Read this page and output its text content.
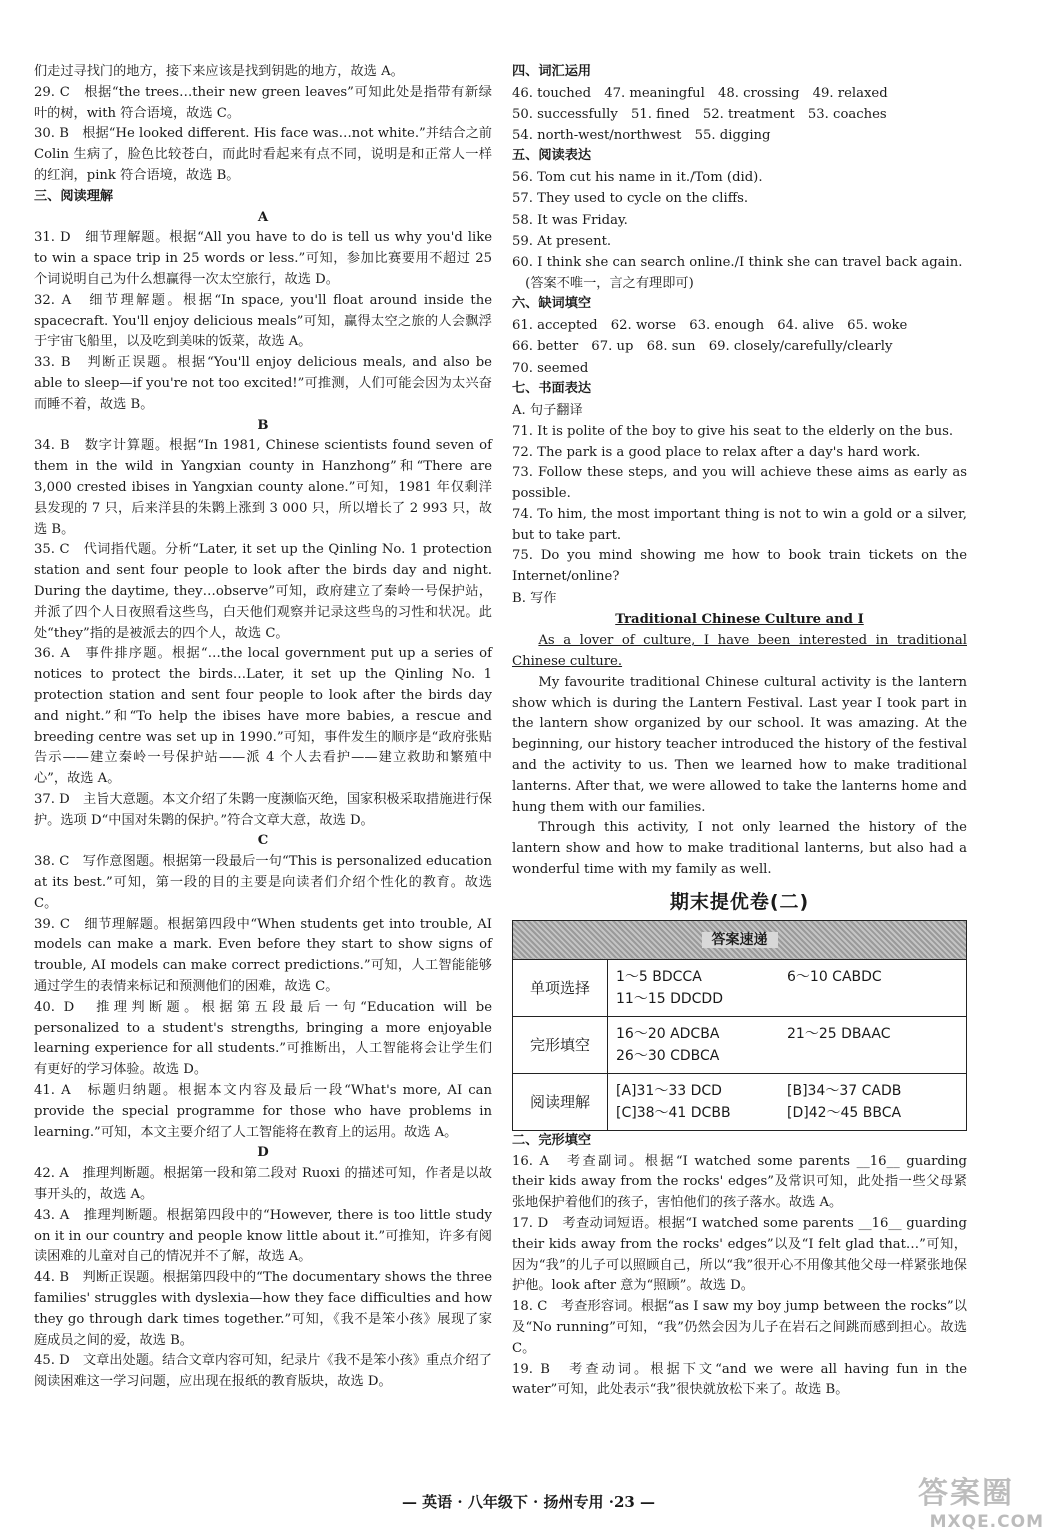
们走过寻找门的地方，接下来应该是找到钥匙的地方，故选 A。

29. C　根据“the trees…their new green leaves”可知此处是指带有新绿叶的树，with 符合语境，故选 C。

30. B　根据“He looked different. His face was…not white.”并结合之前 Colin 生病了，脸色比较苍白，而此时看起来有点不同，说明是和正常人一样的红润，pink 符合语境，故选 B。

三、阅读理解

A

31. D　细节理解题。根据“All you have to do is tell us why you'd like to win a space trip in 25 words or less.”可知，参加比赛要用不超过 25 个词说明自己为什么想赢得一次太空旅行，故选 D。

32. A　细节理解题。根据“In space, you'll float around inside the spacecraft. You'll enjoy delicious meals”可知，赢得太空之旅的人会飘浮于宇宙飞船里，以及吃到美味的饭菜，故选 A。

33. B　判断正误题。根据“You'll enjoy delicious meals, and also be able to sleep—if you're not too excited!”可推测，人们可能会因为太兴奋而睡不着，故选 B。

B

34. B　数字计算题。根据“In 1981, Chinese scientists found seven of them in the wild in Yangxian county in Hanzhong”和“There are 3,000 crested ibises in Yangxian county alone.”可知，1981 年仅剩洋县发现的 7 只，后来洋县的朱鹮上涨到 3 000 只，所以增长了 2 993 只，故选 B。

35. C　代词指代题。分析“Later, it set up the Qinling No. 1 protection station and sent four people to look after the birds day and night. During the daytime, they…observe”可知，政府建立了秦岭一号保护站，并派了四个人日夜照看这些鸟，白天他们观察并记录这些鸟的习性和状况。此处“they”指的是被派去的四个人，故选 C。

36. A　事件排序题。根据“…the local government put up a series of notices to protect the birds…Later, it set up the Qinling No. 1 protection station and sent four people to look after the birds day and night.”和“To help the ibises have more babies, a rescue and breeding centre was set up in 1990.”可知，事件发生的顺序是“政府张贴告示——建立秦岭一号保护站——派 4 个人去看护——建立救助和繁殖中心”，故选 A。

37. D　主旨大意题。本文介绍了朱鹮一度濒临灭绝，国家积极采取措施进行保护。选项 D“中国对朱鹮的保护。”符合文章大意，故选 D。

C

38. C　写作意图题。根据第一段最后一句“This is personalized education at its best.”可知，第一段的目的主要是向读者们介绍个性化的教育。故选 C。

39. C　细节理解题。根据第四段中“When students get into trouble, AI models can make a mark. Even before they start to show signs of trouble, AI models can make correct predictions.”可知，人工智能能够通过学生的表情来标记和预测他们的困难，故选 C。

40. D　推理判断题。根据第五段最后一句“Education will be personalized to a student's strengths, bringing a more enjoyable learning experience for all students.”可推断出，人工智能将会让学生们有更好的学习体验。故选 D。

41. A　标题归纳题。根据本文内容及最后一段“What's more, AI can provide the special programme for those who have problems in learning.”可知，本文主要介绍了人工智能将在教育上的运用。故选 A。

D

42. A　推理判断题。根据第一段和第二段对 Ruoxi 的描述可知，作者是以故事开头的，故选 A。

43. A　推理判断题。根据第四段中的“However, there is too little study on it in our country and people know little about it.”可推知，许多有阅读困难的儿童对自己的情况并不了解，故选 A。

44. B　判断正误题。根据第四段中的“The documentary shows the three families' struggles with dyslexia—how they face difficulties and how they go through dark times together.”可知，《我不是笨小孩》展现了家庭成员之间的爱，故选 B。

45. D　文章出处题。结合文章内容可知，纪录片《我不是笨小孩》重点介绍了阅读困难这一学习问题，应出现在报纸的教育版块，故选 D。

四、词汇运用

46. touched　47. meaningful　48. crossing　49. relaxed

50. successfully　51. fined　52. treatment　53. coaches

54. north-west/northwest　55. digging

五、阅读表达

56. Tom cut his name in it./Tom (did).

57. They used to cycle on the cliffs.

58. It was Friday.

59. At present.

60. I think she can search online./I think she can travel back again.

　(答案不唯一，言之有理即可)

六、缺词填空

61. accepted　62. worse　63. enough　64. alive　65. woke

66. better　67. up　68. sun　69. closely/carefully/clearly

70. seemed

七、书面表达

A. 句子翻译

71. It is polite of the boy to give his seat to the elderly on the bus.

72. The park is a good place to relax after a day's hard work.

73. Follow these steps, and you will achieve these aims as early as possible.

74. To him, the most important thing is not to win a gold or a silver, but to take part.

75. Do you mind showing me how to book train tickets on the Internet/online?

B. 写作

Traditional Chinese Culture and I

As a lover of culture, I have been interested in traditional Chinese culture.

My favourite traditional Chinese cultural activity is the lantern show which is during the Lantern Festival. Last year I took part in the lantern show organized by our school. It was amazing. At the beginning, our history teacher introduced the history of the festival and the activity to us. Then we learned how to make traditional lanterns. After that, we were allowed to take the lanterns home and hung them with our families.

Through this activity, I not only learned the history of the lantern show and how to make traditional lanterns, but also had a wonderful time with my family as well.

期末提优卷(二)
答案速递	
单项选择	1～5 BDCCA 6～10 CABDC
11～15 DDCDD

完形填空	16～20 ADCBA 21～25 DBAAC
26～30 CDBCA

阅读理解	[A]31～33 DCD [B]34～37 CADB
[C]38～41 DCBB [D]42～45 BBCA

二、完形填空

16. A　考查副词。根据“I watched some parents __16__ guarding their kids away from the rocks' edges”及常识可知，此处指一些父母紧张地保护着他们的孩子，害怕他们的孩子落水。故选 A。

17. D　考查动词短语。根据“I watched some parents __16__ guarding their kids away from the rocks' edges”以及“I felt glad that…”可知，因为“我”的儿子可以照顾自己，所以“我”很开心不用像其他父母一样紧张地保护他。look after 意为“照顾”。故选 D。

18. C　考查形容词。根据“as I saw my boy jump between the rocks”以及“No running”可知，“我”仍然会因为儿子在岩石之间跳而感到担心。故选 C。

19. B　考查动词。根据下文“and we were all having fun in the water”可知，此处表示“我”很快就放松下来了。故选 B。

— 英语 · 八年级下 · 扬州专用 ·23 —	答案圈
MXQE.COM
